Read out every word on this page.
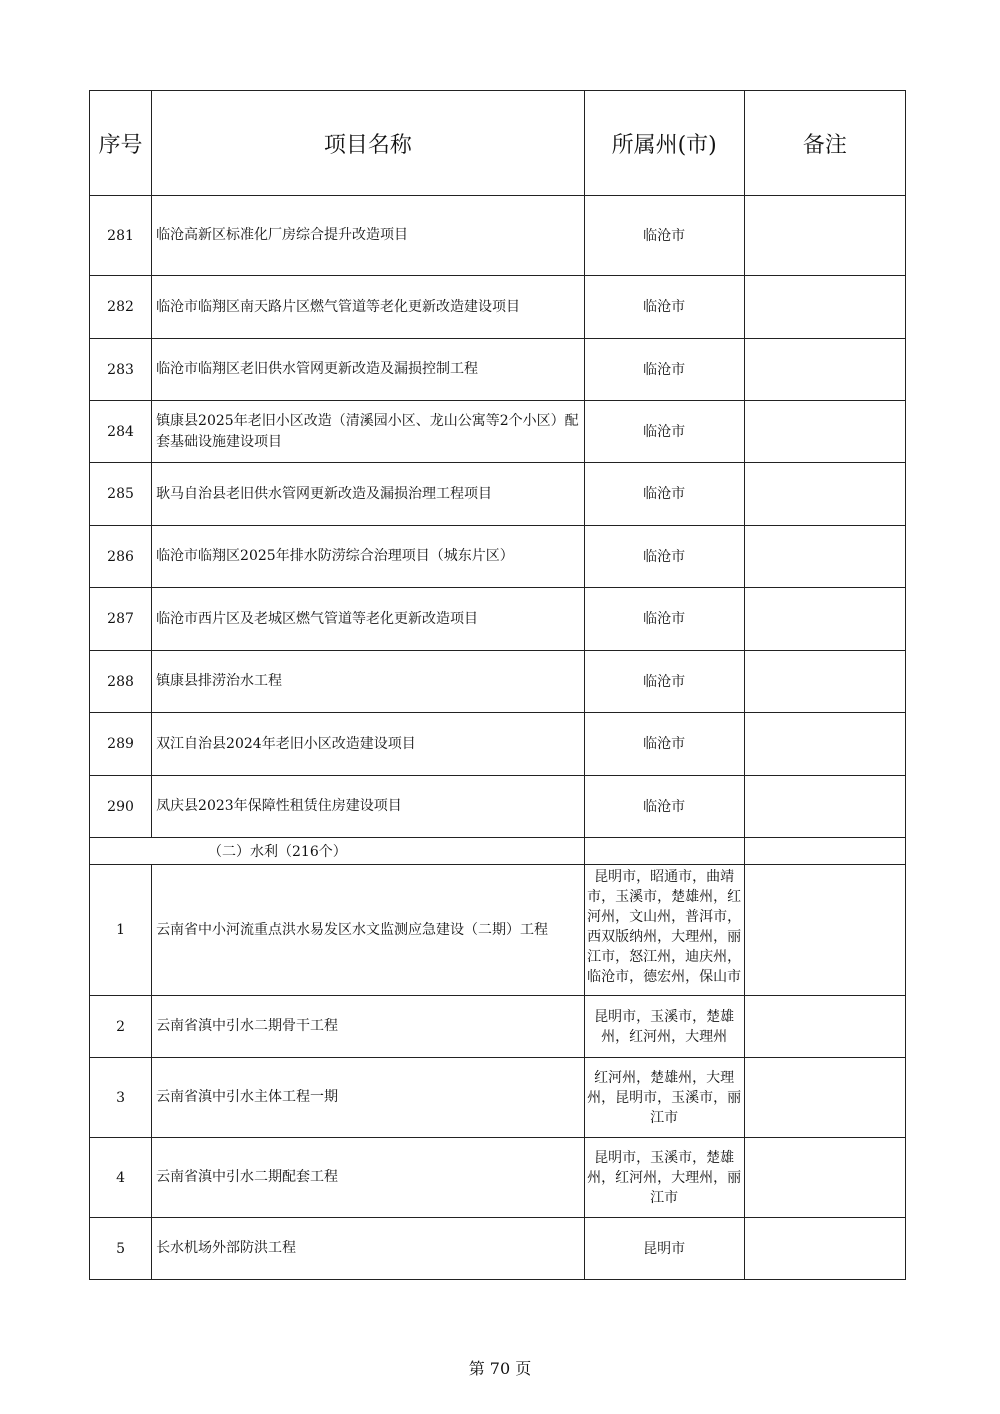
序号	项目名称	所属州(市)	备注
281	临沧高新区标准化厂房综合提升改造项目	临沧市	
282	临沧市临翔区南天路片区燃气管道等老化更新改造建设项目	临沧市	
283	临沧市临翔区老旧供水管网更新改造及漏损控制工程	临沧市	
284	镇康县2025年老旧小区改造（清溪园小区、龙山公寓等2个小区）配套基础设施建设项目	临沧市	
285	耿马自治县老旧供水管网更新改造及漏损治理工程项目	临沧市	
286	临沧市临翔区2025年排水防涝综合治理项目（城东片区）	临沧市	
287	临沧市西片区及老城区燃气管道等老化更新改造项目	临沧市	
288	镇康县排涝治水工程	临沧市	
289	双江自治县2024年老旧小区改造建设项目	临沧市	
290	凤庆县2023年保障性租赁住房建设项目	临沧市	
（二）水利（216个）			
1	云南省中小河流重点洪水易发区水文监测应急建设（二期）工程	昆明市，昭通市，曲靖市，玉溪市，楚雄州，红河州，文山州，普洱市，西双版纳州，大理州，丽江市，怒江州，迪庆州，临沧市，德宏州，保山市	

2	云南省滇中引水二期骨干工程	昆明市，玉溪市，楚雄州，红河州，大理州	
3	云南省滇中引水主体工程一期	红河州，楚雄州，大理州，昆明市，玉溪市，丽江市	
4	云南省滇中引水二期配套工程	昆明市，玉溪市，楚雄州，红河州，大理州，丽江市	
5	长水机场外部防洪工程	昆明市	
第 70 页
